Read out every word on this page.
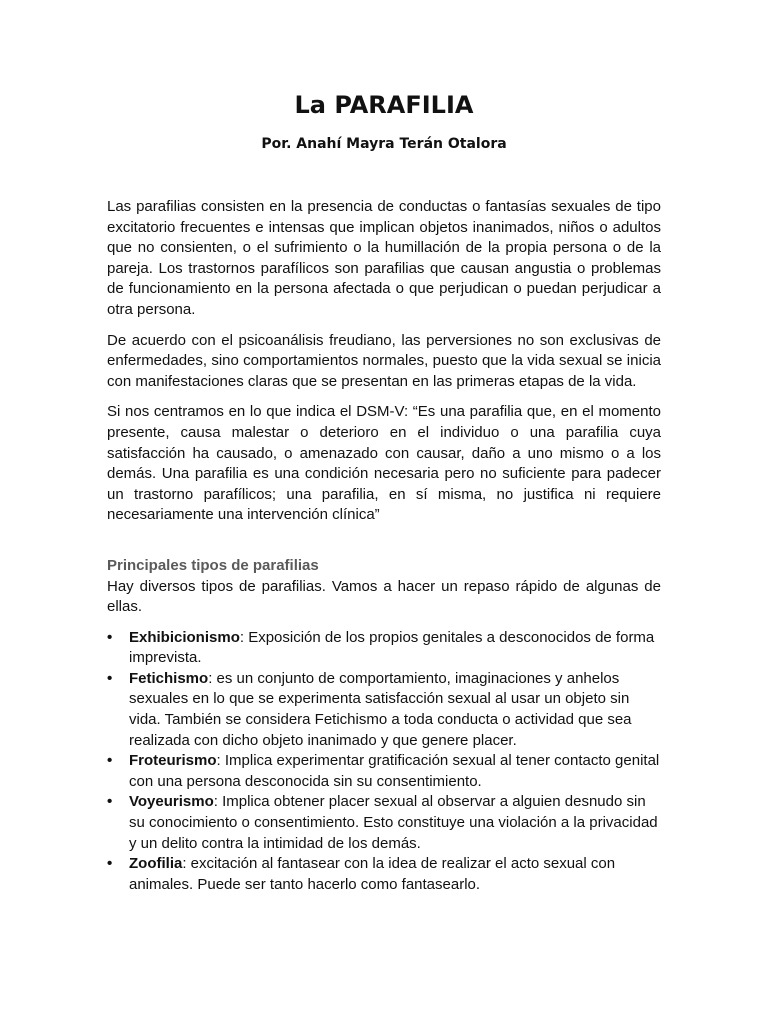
La PARAFILIA
Por. Anahí Mayra Terán Otalora

Las parafilias consisten en la presencia de conductas o fantasías sexuales de tipo excitatorio frecuentes e intensas que implican objetos inanimados, niños o adultos que no consienten, o el sufrimiento o la humillación de la propia persona o de la pareja. Los trastornos parafílicos son parafilias que causan angustia o problemas de funcionamiento en la persona afectada o que perjudican o puedan perjudicar a otra persona.

De acuerdo con el psicoanálisis freudiano, las perversiones no son exclusivas de enfermedades, sino comportamientos normales, puesto que la vida sexual se inicia con manifestaciones claras que se presentan en las primeras etapas de la vida.

Si nos centramos en lo que indica el DSM-V: “Es una parafilia que, en el momento presente, causa malestar o deterioro en el individuo o una parafilia cuya satisfacción ha causado, o amenazado con causar, daño a uno mismo o a los demás. Una parafilia es una condición necesaria pero no suficiente para padecer un trastorno parafílicos; una parafilia, en sí misma, no justifica ni requiere necesariamente una intervención clínica”

Principales tipos de parafilias

Hay diversos tipos de parafilias. Vamos a hacer un repaso rápido de algunas de ellas.

• Exhibicionismo: Exposición de los propios genitales a desconocidos de forma imprevista.
• Fetichismo: es un conjunto de comportamiento, imaginaciones y anhelos sexuales en lo que se experimenta satisfacción sexual al usar un objeto sin vida. También se considera Fetichismo a toda conducta o actividad que sea realizada con dicho objeto inanimado y que genere placer.
• Froteurismo: Implica experimentar gratificación sexual al tener contacto genital con una persona desconocida sin su consentimiento.
• Voyeurismo: Implica obtener placer sexual al observar a alguien desnudo sin su conocimiento o consentimiento. Esto constituye una violación a la privacidad y un delito contra la intimidad de los demás.
• Zoofilia: excitación al fantasear con la idea de realizar el acto sexual con animales. Puede ser tanto hacerlo como fantasearlo.
